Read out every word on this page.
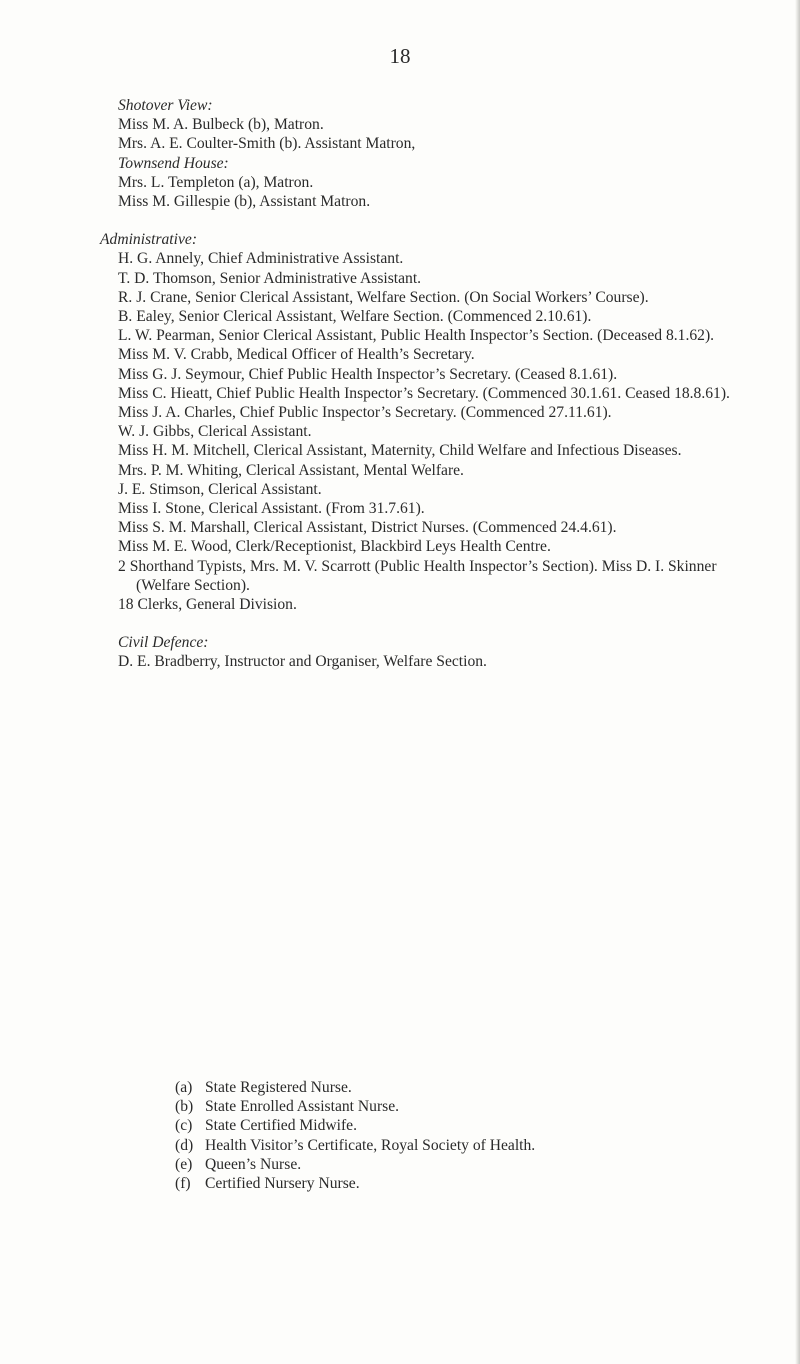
18
Shotover View:
Miss M. A. Bulbeck (b), Matron.
Mrs. A. E. Coulter-Smith (b). Assistant Matron,
Townsend House:
Mrs. L. Templeton (a), Matron.
Miss M. Gillespie (b), Assistant Matron.
Administrative:
H. G. Annely, Chief Administrative Assistant.
T. D. Thomson, Senior Administrative Assistant.
R. J. Crane, Senior Clerical Assistant, Welfare Section. (On Social Workers’ Course).
B. Ealey, Senior Clerical Assistant, Welfare Section. (Commenced 2.10.61).
L. W. Pearman, Senior Clerical Assistant, Public Health Inspector’s Section. (Deceased 8.1.62).
Miss M. V. Crabb, Medical Officer of Health’s Secretary.
Miss G. J. Seymour, Chief Public Health Inspector’s Secretary. (Ceased 8.1.61).
Miss C. Hieatt, Chief Public Health Inspector’s Secretary. (Commenced 30.1.61. Ceased 18.8.61).
Miss J. A. Charles, Chief Public Inspector’s Secretary. (Commenced 27.11.61).
W. J. Gibbs, Clerical Assistant.
Miss H. M. Mitchell, Clerical Assistant, Maternity, Child Welfare and Infectious Diseases.
Mrs. P. M. Whiting, Clerical Assistant, Mental Welfare.
J. E. Stimson, Clerical Assistant.
Miss I. Stone, Clerical Assistant. (From 31.7.61).
Miss S. M. Marshall, Clerical Assistant, District Nurses. (Commenced 24.4.61).
Miss M. E. Wood, Clerk/Receptionist, Blackbird Leys Health Centre.
2 Shorthand Typists, Mrs. M. V. Scarrott (Public Health Inspector’s Section). Miss D. I. Skinner (Welfare Section).
18 Clerks, General Division.
Civil Defence:
D. E. Bradberry, Instructor and Organiser, Welfare Section.
(a) State Registered Nurse.
(b) State Enrolled Assistant Nurse.
(c) State Certified Midwife.
(d) Health Visitor’s Certificate, Royal Society of Health.
(e) Queen’s Nurse.
(f) Certified Nursery Nurse.
